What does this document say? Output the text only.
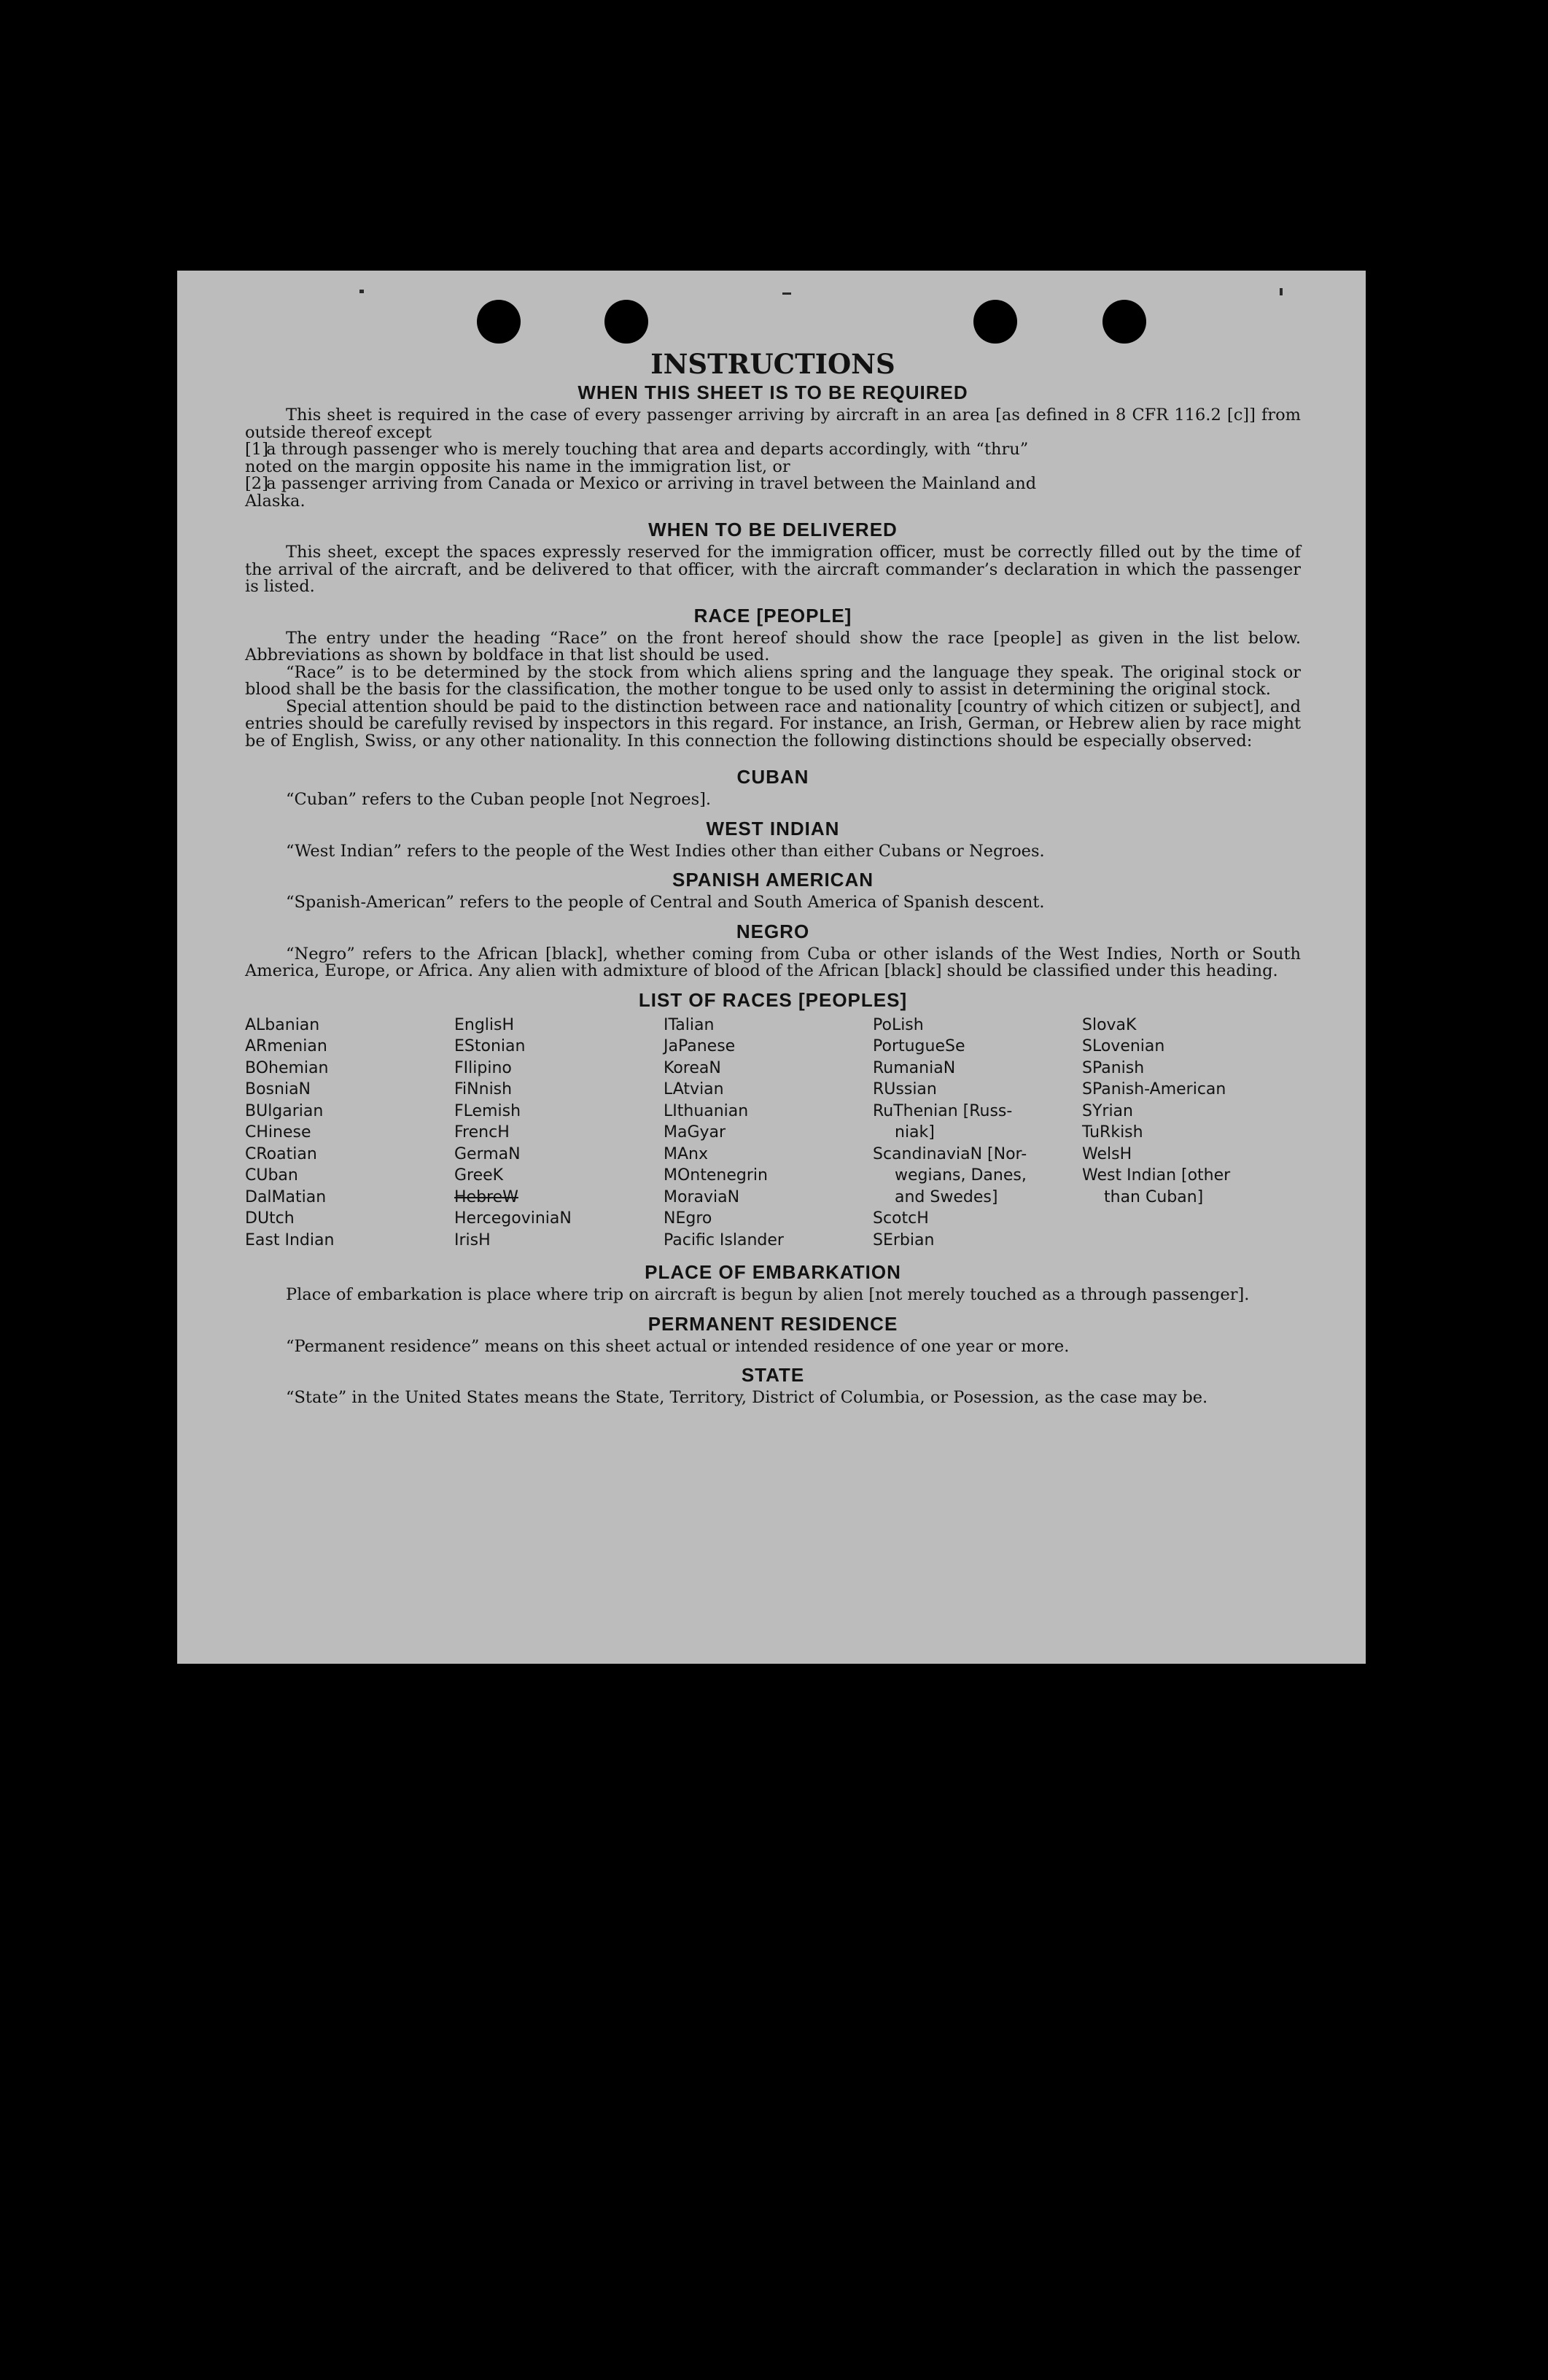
INSTRUCTIONS
WHEN THIS SHEET IS TO BE REQUIRED

This sheet is required in the case of every passenger arriving by aircraft in an area [as defined in 8 CFR 116.2 [c]] from outside thereof except

[1] a through passenger who is merely touching that area and departs accordingly, with “thru”

noted on the margin opposite his name in the immigration list, or

[2] a passenger arriving from Canada or Mexico or arriving in travel between the Mainland and

Alaska.

WHEN TO BE DELIVERED

This sheet, except the spaces expressly reserved for the immigration officer, must be correctly filled out by the time of the arrival of the aircraft, and be delivered to that officer, with the aircraft commander’s declaration in which the passenger is listed.

RACE [PEOPLE]

The entry under the heading “Race” on the front hereof should show the race [people] as given in the list below. Abbreviations as shown by boldface in that list should be used.

“Race” is to be determined by the stock from which aliens spring and the language they speak. The original stock or blood shall be the basis for the classification, the mother tongue to be used only to assist in determining the original stock.

Special attention should be paid to the distinction between race and nationality [country of which citizen or subject], and entries should be carefully revised by inspectors in this regard. For instance, an Irish, German, or Hebrew alien by race might be of English, Swiss, or any other nationality. In this connection the following distinctions should be especially observed:

CUBAN

“Cuban” refers to the Cuban people [not Negroes].

WEST INDIAN

“West Indian” refers to the people of the West Indies other than either Cubans or Negroes.

SPANISH AMERICAN

“Spanish-American” refers to the people of Central and South America of Spanish descent.

NEGRO

“Negro” refers to the African [black], whether coming from Cuba or other islands of the West Indies, North or South America, Europe, or Africa. Any alien with admixture of blood of the African [black] should be classified under this heading.

LIST OF RACES [PEOPLES]
ALbanian
ARmenian
BOhemian
BosniaN
BUlgarian
CHinese
CRoatian
CUban
DalMatian
DUtch
East Indian
EnglisH
EStonian
FIlipino
FiNnish
FLemish
FrencH
GermaN
GreeK
HebreW
HercegoviniaN
IrisH
ITalian
JaPanese
KoreaN
LAtvian
LIthuanian
MaGyar
MAnx
MOntenegrin
MoraviaN
NEgro
Pacific Islander
PoLish
PortugueSe
RumaniaN
RUssian
RuThenian [Russ-
niak]
ScandinaviaN [Nor-
wegians, Danes,
and Swedes]
ScotcH
SErbian
SlovaK
SLovenian
SPanish
SPanish-American
SYrian
TuRkish
WelsH
West Indian [other
than Cuban]
PLACE OF EMBARKATION

Place of embarkation is place where trip on aircraft is begun by alien [not merely touched as a through passenger].

PERMANENT RESIDENCE

“Permanent residence” means on this sheet actual or intended residence of one year or more.

STATE

“State” in the United States means the State, Territory, District of Columbia, or Posession, as the case may be.
